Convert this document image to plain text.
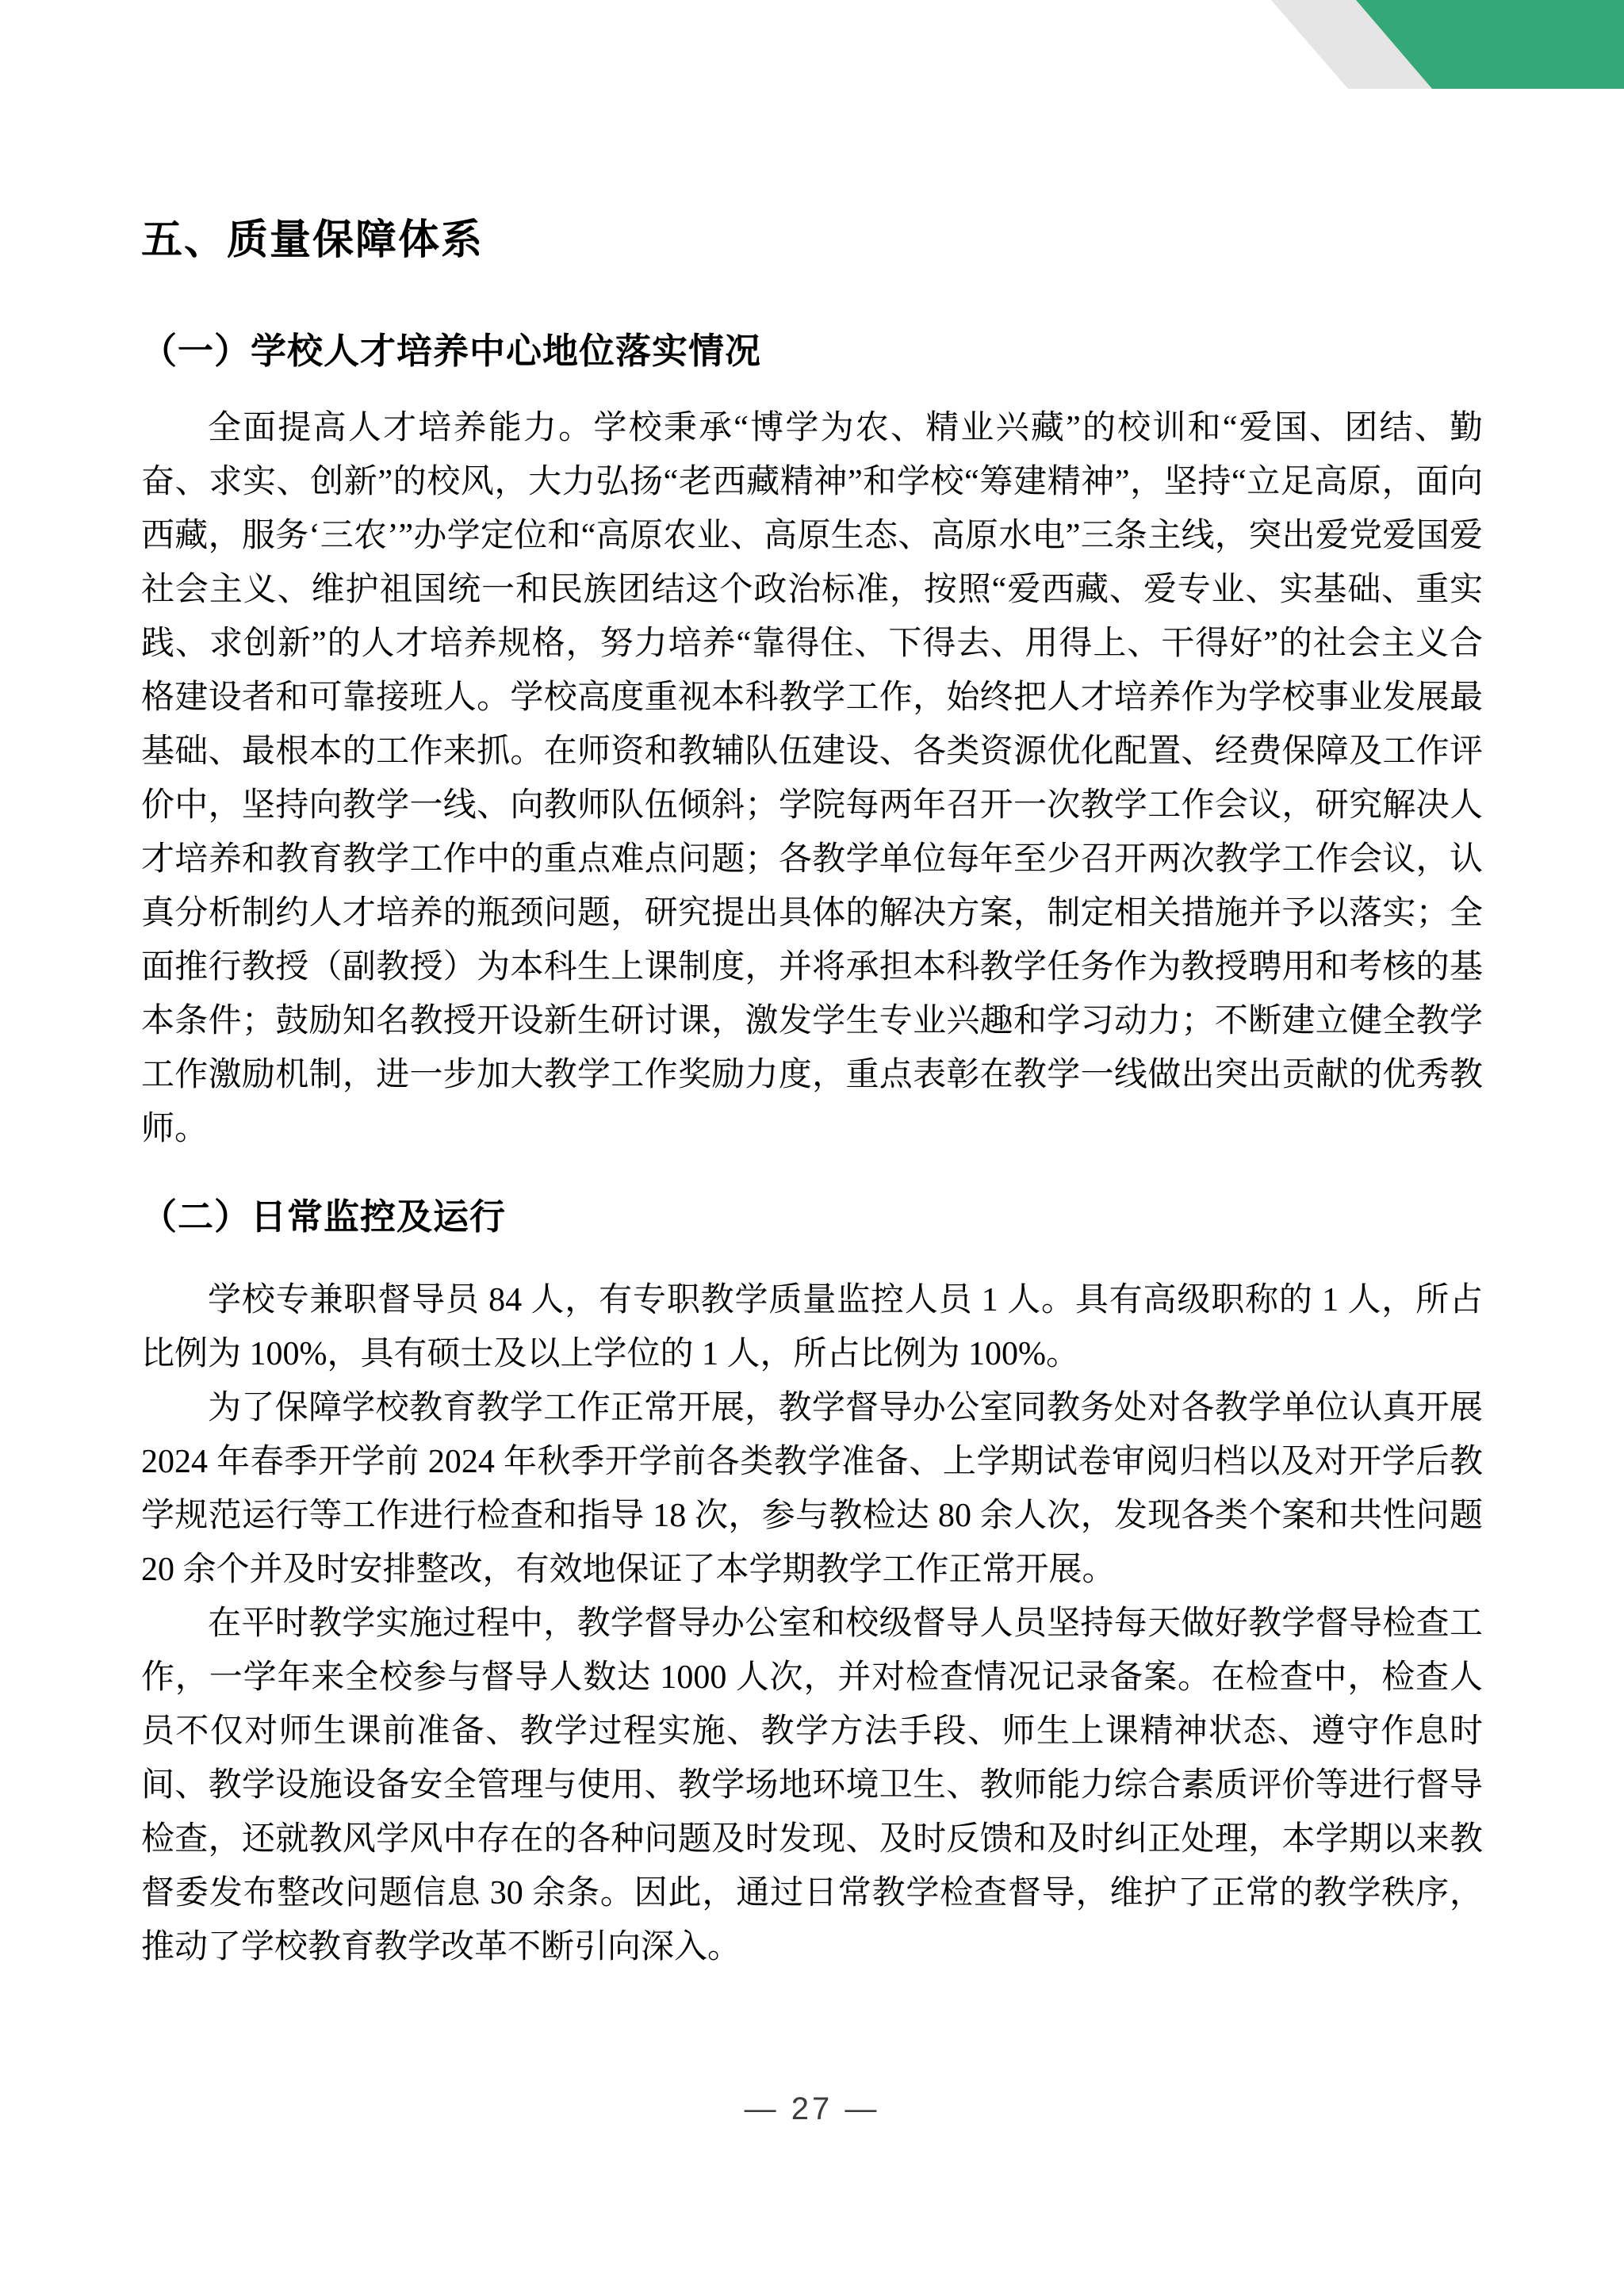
五、质量保障体系
（一）学校人才培养中心地位落实情况

全面提高人才培养能力。学校秉承“博学为农、精业兴藏”的校训和“爱国、团结、勤奋、求实、创新”的校风，大力弘扬“老西藏精神”和学校“筹建精神”，坚持“立足高原，面向西藏，服务‘三农’”办学定位和“高原农业、高原生态、高原水电”三条主线，突出爱党爱国爱社会主义、维护祖国统一和民族团结这个政治标准，按照“爱西藏、爱专业、实基础、重实践、求创新”的人才培养规格，努力培养“靠得住、下得去、用得上、干得好”的社会主义合格建设者和可靠接班人。学校高度重视本科教学工作，始终把人才培养作为学校事业发展最基础、最根本的工作来抓。在师资和教辅队伍建设、各类资源优化配置、经费保障及工作评价中，坚持向教学一线、向教师队伍倾斜；学院每两年召开一次教学工作会议，研究解决人才培养和教育教学工作中的重点难点问题；各教学单位每年至少召开两次教学工作会议，认真分析制约人才培养的瓶颈问题，研究提出具体的解决方案，制定相关措施并予以落实；全面推行教授（副教授）为本科生上课制度，并将承担本科教学任务作为教授聘用和考核的基本条件；鼓励知名教授开设新生研讨课，激发学生专业兴趣和学习动力；不断建立健全教学工作激励机制，进一步加大教学工作奖励力度，重点表彰在教学一线做出突出贡献的优秀教师。

（二）日常监控及运行

学校专兼职督导员 84 人，有专职教学质量监控人员 1 人。具有高级职称的 1 人，所占比例为 100%，具有硕士及以上学位的 1 人，所占比例为 100%。

为了保障学校教育教学工作正常开展，教学督导办公室同教务处对各教学单位认真开展 2024 年春季开学前 2024 年秋季开学前各类教学准备、上学期试卷审阅归档以及对开学后教学规范运行等工作进行检查和指导 18 次，参与教检达 80 余人次，发现各类个案和共性问题 20 余个并及时安排整改，有效地保证了本学期教学工作正常开展。

在平时教学实施过程中，教学督导办公室和校级督导人员坚持每天做好教学督导检查工作，一学年来全校参与督导人数达 1000 人次，并对检查情况记录备案。在检查中，检查人员不仅对师生课前准备、教学过程实施、教学方法手段、师生上课精神状态、遵守作息时间、教学设施设备安全管理与使用、教学场地环境卫生、教师能力综合素质评价等进行督导检查，还就教风学风中存在的各种问题及时发现、及时反馈和及时纠正处理，本学期以来教督委发布整改问题信息 30 余条。因此，通过日常教学检查督导，维护了正常的教学秩序，推动了学校教育教学改革不断引向深入。

— 27 —
